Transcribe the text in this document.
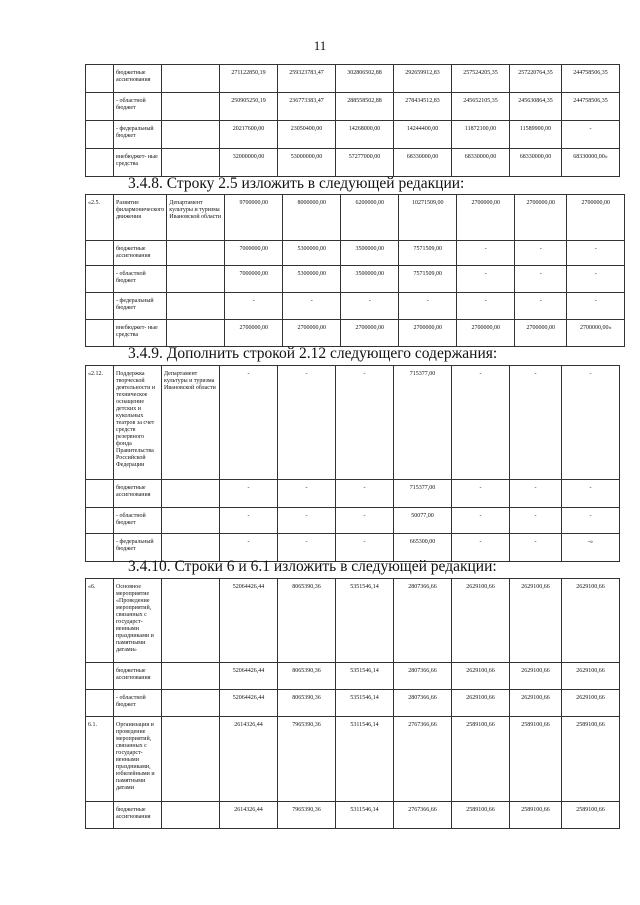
11
	бюджетные ассигнования		271122850,19	259323783,47	302806502,88	292659912,83	257524205,35	257220764,35	244758506,35
	- областной бюджет		250905250,19	236773383,47	288558502,88	278434512,83	245652105,35	245630864,35	244758506,35
	- федеральный бюджет		20217600,00	23050400,00	14268000,00	14244400,00	11872100,00	11589900,00	-
	внебюджет- ные средства		32000000,00	53000000,00	57277000,00	68330000,00	68330000,00	68330000,00	68330000,00»
3.4.8. Строку 2.5 изложить в следующей редакции:
«2.5.	Развитие филармонического движения	Департамент культуры и туризма Ивановской области	9700000,00	8000000,00	6200000,00	10271509,00	2700000,00	2700000,00	2700000,00
	бюджетные ассигнования		7000000,00	5300000,00	3500000,00	7571509,00	-	-	-
	- областной бюджет		7000000,00	5300000,00	3500000,00	7571509,00	-	-	-
	- федеральный бюджет		-	-	-	-	-	-	-
	внебюджет- ные средства		2700000,00	2700000,00	2700000,00	2700000,00	2700000,00	2700000,00	2700000,00»
3.4.9. Дополнить строкой 2.12 следующего содержания:
«2.12.	Поддержка творческой деятельности и техническое оснащение детских и кукольных театров за счет средств резервного фонда Правительства Российской Федерации	Департамент культуры и туризма Ивановской области	-	-	-	715377,00	-	-	-
	бюджетные ассигнования		-	-	-	715377,00	-	-	-
	- областной бюджет		-	-	-	50077,00	-	-	-
	- федеральный бюджет		-	-	-	665300,00	-	-	-»
3.4.10. Строки 6 и 6.1 изложить в следующей редакции:
«6.	Основное мероприятие «Проведение мероприятий, связанных с государст- венными праздниками и памятными датами»		52064426,44	8065390,36	5351546,14	2807366,66	2629100,66	2629100,66	2629100,66
	бюджетные ассигнования		52064426,44	8065390,36	5351546,14	2807366,66	2629100,66	2629100,66	2629100,66
	- областной бюджет		52064426,44	8065390,36	5351546,14	2807366,66	2629100,66	2629100,66	2629100,66
6.1.	Организация и проведение мероприятий, связанных с государст- венными праздниками, юбилейными и памятными датами		2614326,44	7965390,36	5311546,14	2767366,66	2589100,66	2589100,66	2589100,66
	бюджетные ассигнования		2614326,44	7965390,36	5311546,14	2767366,66	2589100,66	2589100,66	2589100,66
